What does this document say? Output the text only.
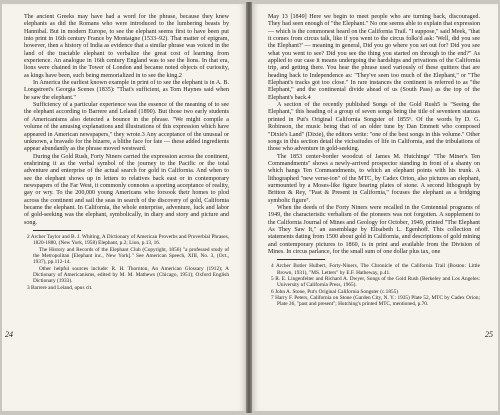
The ancient Greeks may have had a word for the phrase, because they knew elephants as did the Romans who were introduced to the lumbering beasts by Hannibal. But in modern Europe, to see the elephant seems first to have been put into print in 16th century France by Montaigne (1533–92). That matter of epigram, however, then a history of India as evidence that a similar phrase was voiced in the land of the tractable elephant to verbalize the great cost of learning from experience. An analogue in 16th century England was to see the lions. In that era, lions were chained in the Tower of London and became noted objects of curiosity, as kings have been, such being memorialized in to see the king.2

In America the earliest known example in print of to see the elephant is in A. B. Longstreet's Georgia Scenes (1835): "That's sufficient, as Tom Haynes said when he saw the elephant."

Sufficiency of a particular experience was the essence of the meaning of to see the elephant according to Barrere and Leland (1890). But those two early students of Americanisms also detected a bounce in the phrase. "We might compile a volume of the amusing explanations and illustrations of this expression which have appeared in American newspapers," they wrote.3 Any acceptance of the unusual or unknown, a bravado for the bizarre, a blithe face for fate — these added ingredients appear abundantly as the phrase moved westward.

During the Gold Rush, Forty Niners carried the expression across the continent, enshrining it as the verbal symbol of the journey to the Pacific or the total adventure and enterprise of the actual search for gold in California. And when to see the elephant shows up in letters to relatives back east or in contemporary newspapers of the Far West, it commonly connotes a sporting acceptance of reality, gay or wry. To the 200,000 young Americans who forsook their homes to plod across the continent and sail the seas in search of the discovery of gold, California became the elephant. In California, the whole enterprise, adventure, luck and labor of gold-seeking was the elephant, symbolically, in diary and story and picture and song.

2 Archer Taylor and B. J. Whiting, A Dictionary of American Proverbs and Proverbial Phrases, 1820-1880, (New York, 1958) Elephant, p.2; Lion, p.13, 16.

The History and Records of the Elephant Club (Copyright, 1856) "a professed study of the Metropolitan [Elephant inc., New York]." See American Speech, XIII, No. 3, (Oct., 1937), pp.112-14.

Other helpful sources include: R. H. Thornton, An American Glossary (1912); A Dictionary of Americanisms, edited by M. M. Mathews (Chicago, 1951); Oxford English Dictionary (1933).

3 Barrere and Leland, opus cit.

24

May 13 [1849] Here we begin to meet people who are turning back, discouraged. They had seen enough of "the Elephant." No one seems able to explain that expression — which is the commonest heard on the California Trail. "I suppose," said Meek, "that it comes from circus talk, like if you went to the circus folks'd ask: 'Well, did you see the Elephant?' — meaning in general, Did you go where you set out for? Did you see what you went to see? Did you see the thing you started on through to the end?" As applied to our case it means undergoing the hardships and privations of the California trip, and getting there. You hear the phrase used variously of these quitters that are heading back to Independence as: "They've seen too much of the Elephant," or "The Elephant's tracks got too close." In rare instances the continent is referred to as "the Elephant," and the continental divide ahead of us (South Pass) as the top of the Elephant's back.4

A section of the recently published Songs of the Gold Rush5 is "Seeing the Elephant," this heading of a group of seven songs being the title of seventeen stanzas printed in Put's Original California Songster of 1855⁶. Of the words by D. G. Robinson, the music being that of an older tune by Dan Emmett who composed "Dixie's Land" (Dixie), the editors write: "one of the best songs in this volume." Other songs in this section detail the vicissitudes of life in California, and the tribulations of those who adventure in gold-seeking.

The 1853 center-border woodcut of James M. Hutchings' "The Miner's Ten Commandments" shows a newly-arrived prospector standing in front of a shanty on which hangs Ten Commandments, to which an elephant points with his trunk. A lithographed "new verse-ion" of the MTC, by Cadex Orion, also pictures an elephant, surmounted by a Moses-like figure bearing plates of stone. A second lithograph by Britton & Rey, "Past & Present in California," focuses the elephant as a bridging symbolic figure⁷.

When the deeds of the Forty Niners were recalled in the Centennial programs of 1949, the characteristic verbalism of the pioneers was not forgotten. A supplement to the California Journal of Mines and Geology for October, 1949, printed "The Elephant As They Saw It," an assemblage by Elisabeth L. Egenhoff. This collection of statements dating from 1500 about gold in California, and descriptions of gold mining and contemporary pictures to 1860, is in print and available from the Division of Mines. In circus parlance, for the small sum of one dollar plus tax, one

4 Archer Butler Hulbert, Forty-Niners, The Chronicle of the California Trail (Boston: Little Brown, 1931), "MS. Letters" by E.F. Hatheway, p.41.

5 R. E. Lingenfelter and Richard A. Dwyer, Songs of the Gold Rush (Berkeley and Los Angeles: University of California Press, 1965).

6 John A. Stone, Put's Original California Songster (c.1855)

7 Harry F. Peters, California on Stone (Garden City, N. Y.: 1935) Plate 52, MTC by Cadex Orion; Plate 36, "past and present"; Hutching's printed MTC, mentioned, p.70.

25
